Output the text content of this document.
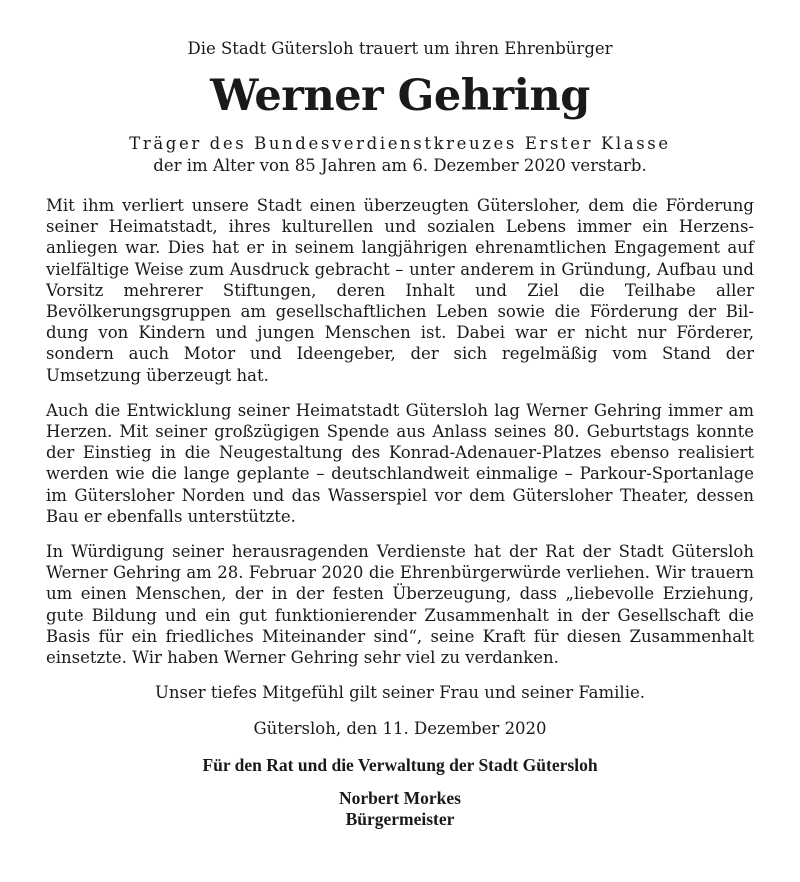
Die Stadt Gütersloh trauert um ihren Ehrenbürger

Werner Gehring

Träger des Bundesverdienstkreuzes Erster Klasse

der im Alter von 85 Jahren am 6. Dezember 2020 verstarb.

Mit ihm verliert unsere Stadt einen überzeugten Gütersloher, dem die Förderung seiner Heimatstadt, ihres kulturellen und sozialen Lebens immer ein Herzensanliegen war. Dies hat er in seinem langjährigen ehrenamtlichen Engagement auf vielfältige Weise zum Ausdruck gebracht – unter anderem in Gründung, Aufbau und Vorsitz mehrerer Stiftungen, deren Inhalt und Ziel die Teilhabe aller Bevölkerungsgruppen am gesellschaftlichen Leben sowie die Förderung der Bildung von Kindern und jungen Menschen ist. Dabei war er nicht nur Förderer, sondern auch Motor und Ideengeber, der sich regelmäßig vom Stand der Umsetzung überzeugt hat.

Auch die Entwicklung seiner Heimatstadt Gütersloh lag Werner Gehring immer am Herzen. Mit seiner großzügigen Spende aus Anlass seines 80. Geburtstags konnte der Einstieg in die Neugestaltung des Konrad-Adenauer-Platzes ebenso realisiert werden wie die lange geplante – deutschlandweit einmalige – Parkour-Sportanlage im Gütersloher Norden und das Wasserspiel vor dem Gütersloher Theater, dessen Bau er ebenfalls unterstützte.

In Würdigung seiner herausragenden Verdienste hat der Rat der Stadt Gütersloh Werner Gehring am 28. Februar 2020 die Ehrenbürgerwürde verliehen. Wir trauern um einen Menschen, der in der festen Überzeugung, dass „liebevolle Erziehung, gute Bildung und ein gut funktionierender Zusammenhalt in der Gesellschaft die Basis für ein friedliches Miteinander sind“, seine Kraft für diesen Zusammenhalt einsetzte. Wir haben Werner Gehring sehr viel zu verdanken.

Unser tiefes Mitgefühl gilt seiner Frau und seiner Familie.

Gütersloh, den 11. Dezember 2020

Für den Rat und die Verwaltung der Stadt Gütersloh

Norbert Morkes

Bürgermeister
